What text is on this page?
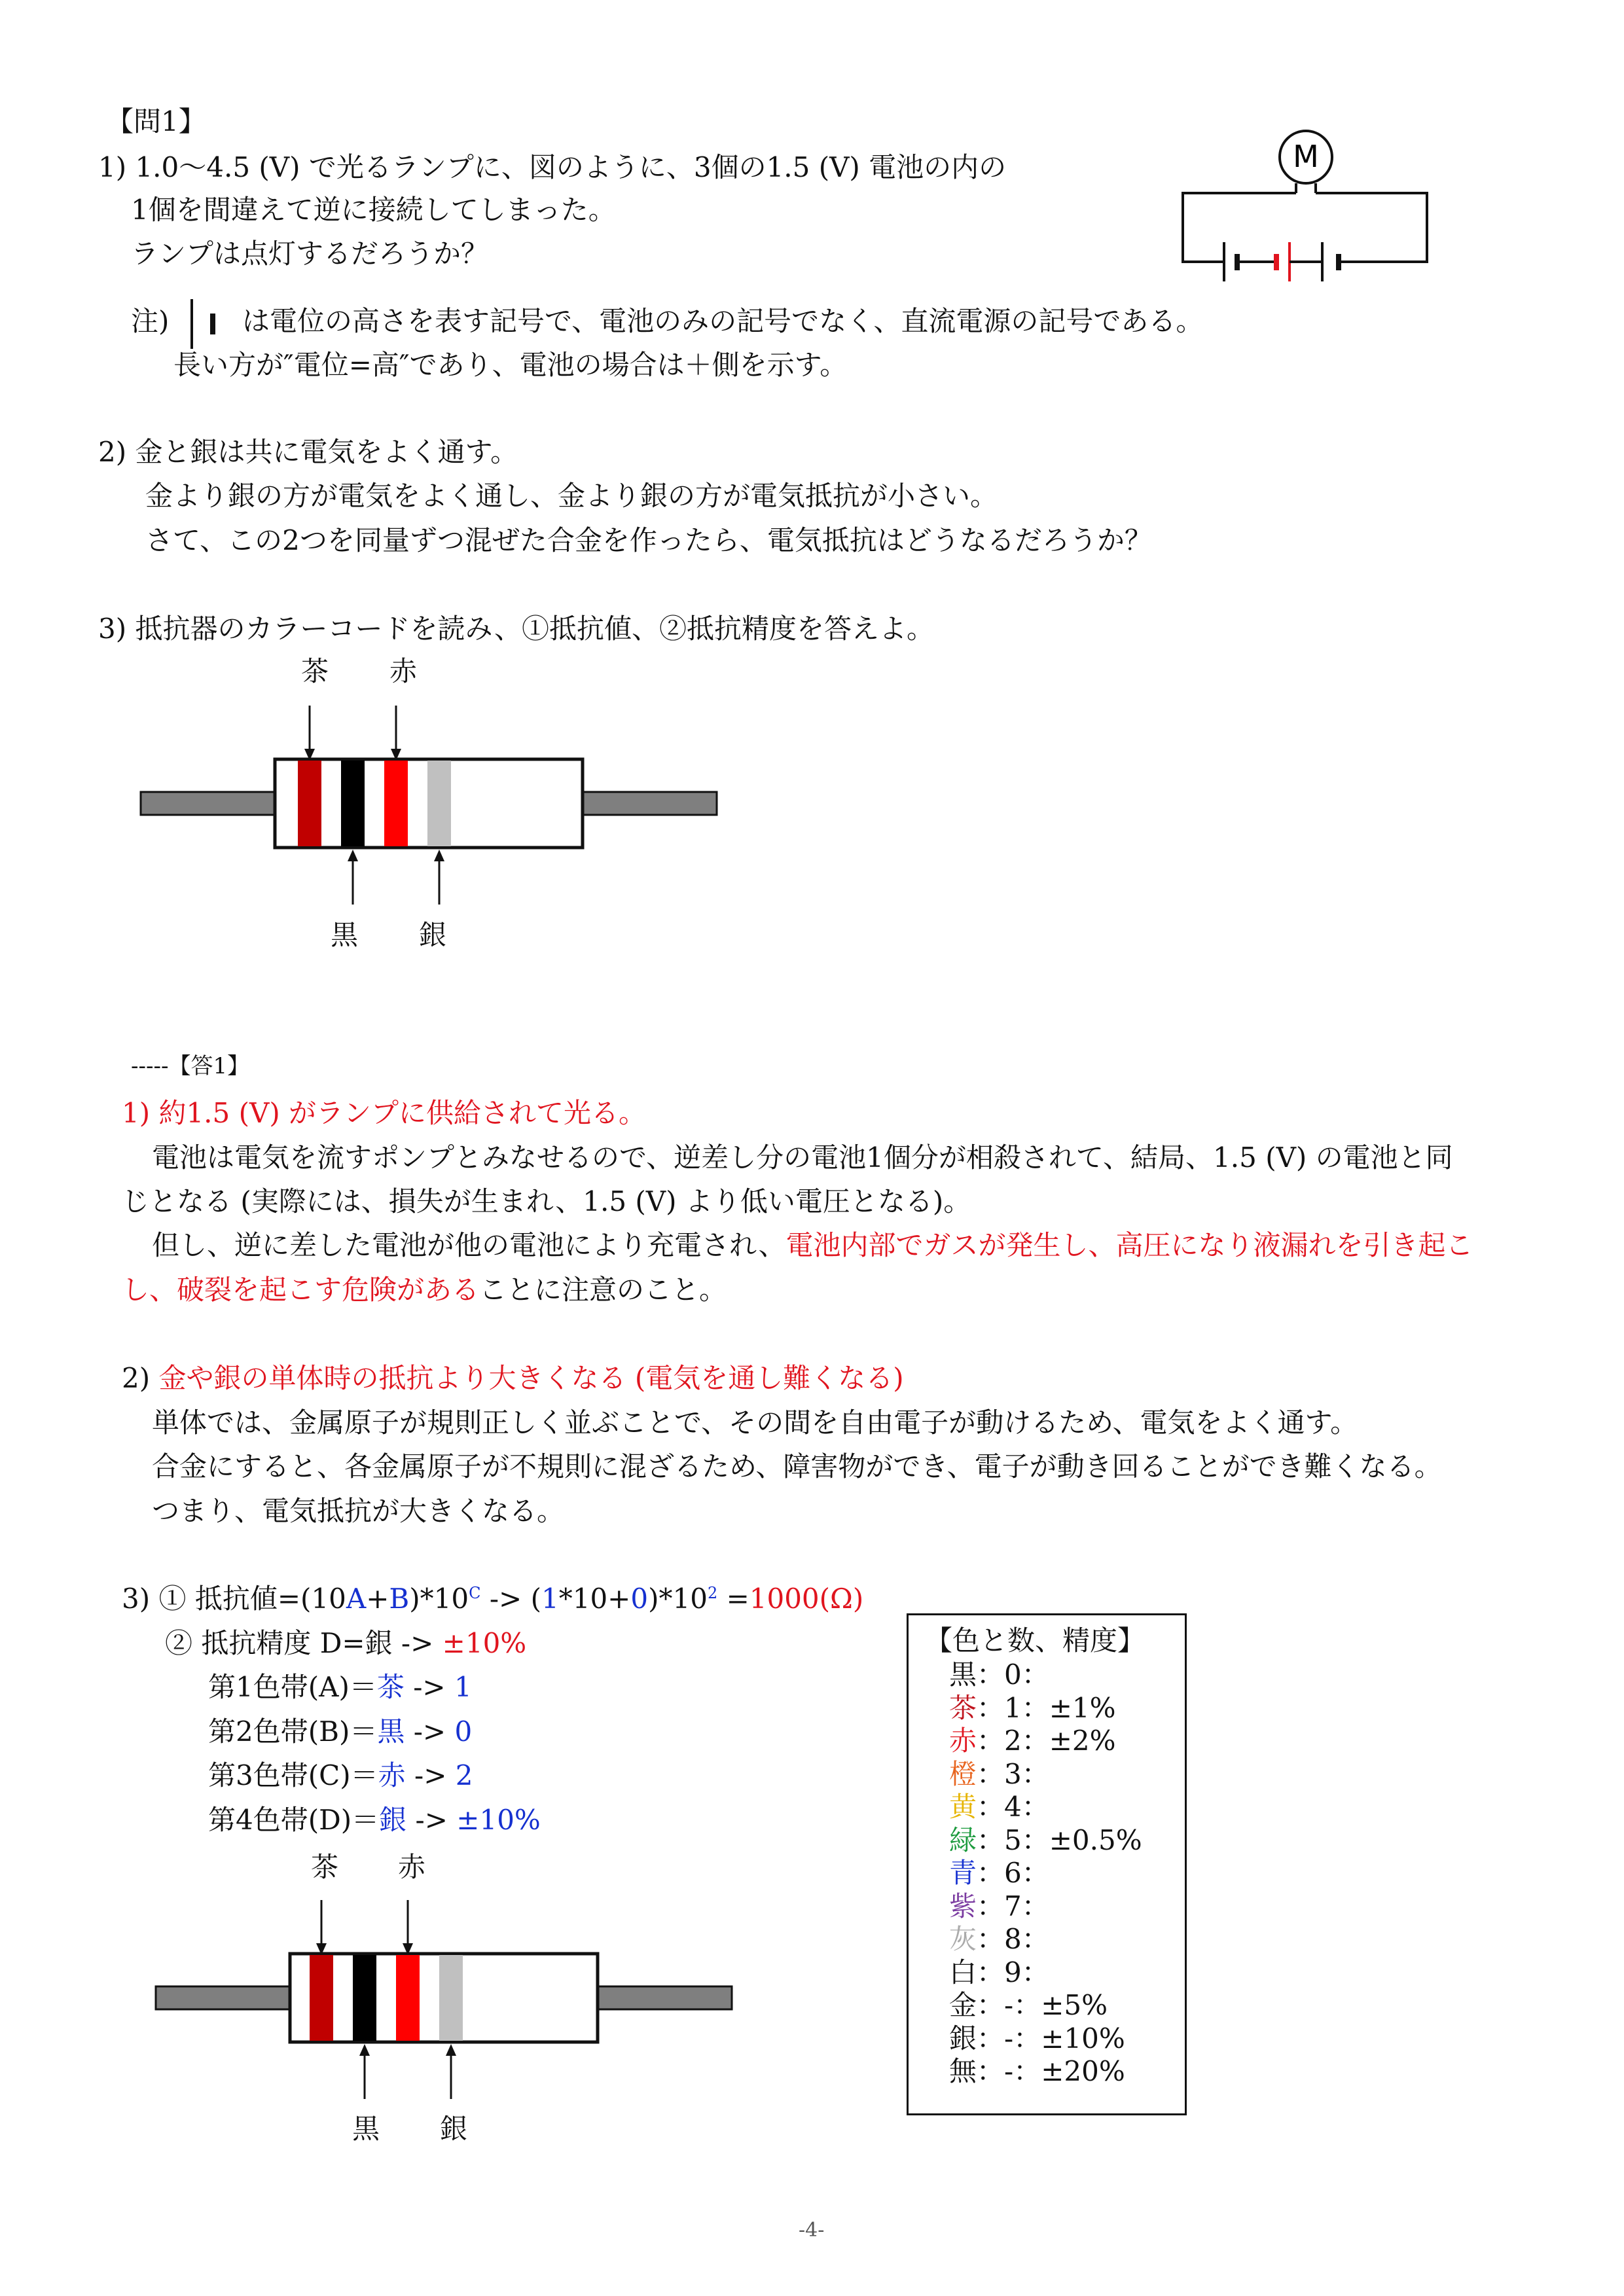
【問1】
1) 1.0～4.5 (V) で光るランプに、図のように、3個の1.5 (V) 電池の内の
1個を間違えて逆に接続してしまった。
ランプは点灯するだろうか？
M
注)	は電位の高さを表す記号で、電池のみの記号でなく、直流電源の記号である。
長い方が″電位=高″であり、電池の場合は＋側を示す。
2) 金と銀は共に電気をよく通す。
金より銀の方が電気をよく通し、金より銀の方が電気抵抗が小さい。
さて、この2つを同量ずつ混ぜた合金を作ったら、電気抵抗はどうなるだろうか？
3) 抵抗器のカラーコードを読み、①抵抗値、②抵抗精度を答えよ。
茶 赤
黒 銀
-----【答1】
1) 約1.5 (V) がランプに供給されて光る。
電池は電気を流すポンプとみなせるので、逆差し分の電池1個分が相殺されて、結局、1.5 (V) の電池と同
じとなる (実際には、損失が生まれ、1.5 (V) より低い電圧となる)。
但し、逆に差した電池が他の電池により充電され、電池内部でガスが発生し、高圧になり液漏れを引き起こ
し、破裂を起こす危険があることに注意のこと。
2) 金や銀の単体時の抵抗より大きくなる (電気を通し難くなる)
単体では、金属原子が規則正しく並ぶことで、その間を自由電子が動けるため、電気をよく通す。
合金にすると、各金属原子が不規則に混ざるため、障害物ができ、電子が動き回ることができ難くなる。
つまり、電気抵抗が大きくなる。
3) ① 抵抗値$=(10A+B)*10^C -> (1*10+0)*10^2 =1000(\Omega)$
② 抵抗精度 D=銀 -> ±10%
第1色帯(A)＝茶 -> 1
第2色帯(B)＝黒 -> 0
第3色帯(C)＝赤 -> 2
第4色帯(D)＝銀 -> ±10%
茶 赤
黒 銀
【色と数、精度】
黒：0：
茶：1：±1%
赤：2：±2%
橙：3：
黄：4：
緑：5：±0.5%
青：6：
紫：7：
灰：8：
白：9：
金：-：±5%
銀：-：±10%
無：-：±20%
-4-
